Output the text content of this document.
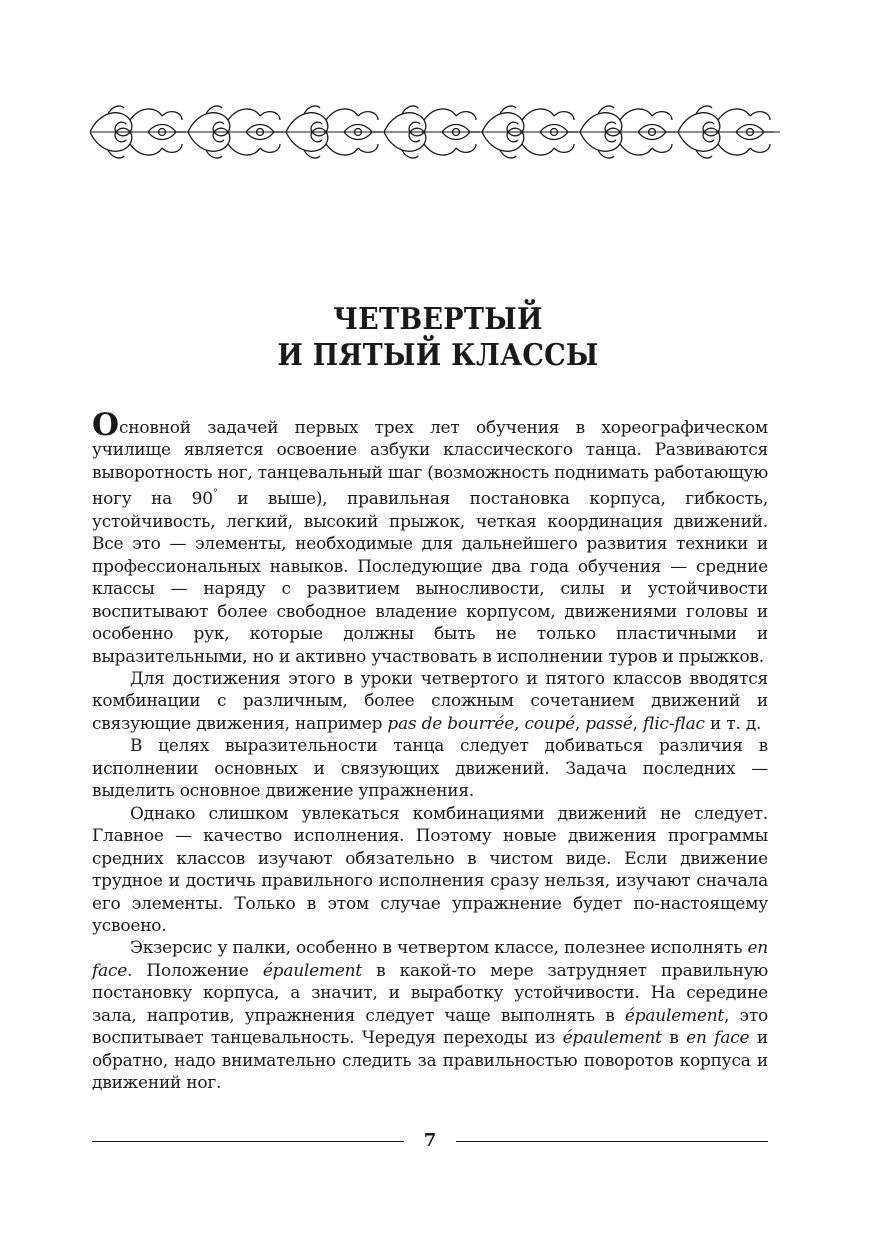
ЧЕТВЕРТЫЙ
И ПЯТЫЙ КЛАССЫ

Основной задачей первых трех лет обучения в хореографическом училище является освоение азбуки классического танца. Развиваются выворотность ног, танцевальный шаг (возможность поднимать работающую ногу на 90° и выше), правильная постановка корпуса, гибкость, устойчивость, легкий, высокий прыжок, четкая координация движений. Все это — элементы, необходимые для дальнейшего развития техники и профессиональных навыков. Последующие два года обучения — средние классы — наряду с развитием выносливости, силы и устойчивости воспитывают более свободное владение корпусом, движениями головы и особенно рук, которые должны быть не только пластичными и выразительными, но и активно участвовать в исполнении туров и прыжков.

Для достижения этого в уроки четвертого и пятого классов вводятся комбинации с различным, более сложным сочетанием движений и связующие движения, например pas de bourrée, coupé, passé, flic-flac и т. д.

В целях выразительности танца следует добиваться различия в исполнении основных и связующих движений. Задача последних — выделить основное движение упражнения.

Однако слишком увлекаться комбинациями движений не следует. Главное — качество исполнения. Поэтому новые движения программы средних классов изучают обязательно в чистом виде. Если движение трудное и достичь правильного исполнения сразу нельзя, изучают сначала его элементы. Только в этом случае упражнение будет по-настоящему усвоено.

Экзерсис у палки, особенно в четвертом классе, полезнее исполнять en face. Положение épaulement в какой-то мере затрудняет правильную постановку корпуса, а значит, и выработку устойчивости. На середине зала, напротив, упражнения следует чаще выполнять в épaulement, это воспитывает танцевальность. Чередуя переходы из épaulement в en face и обратно, надо внимательно следить за правильностью поворотов корпуса и движений ног.

7
